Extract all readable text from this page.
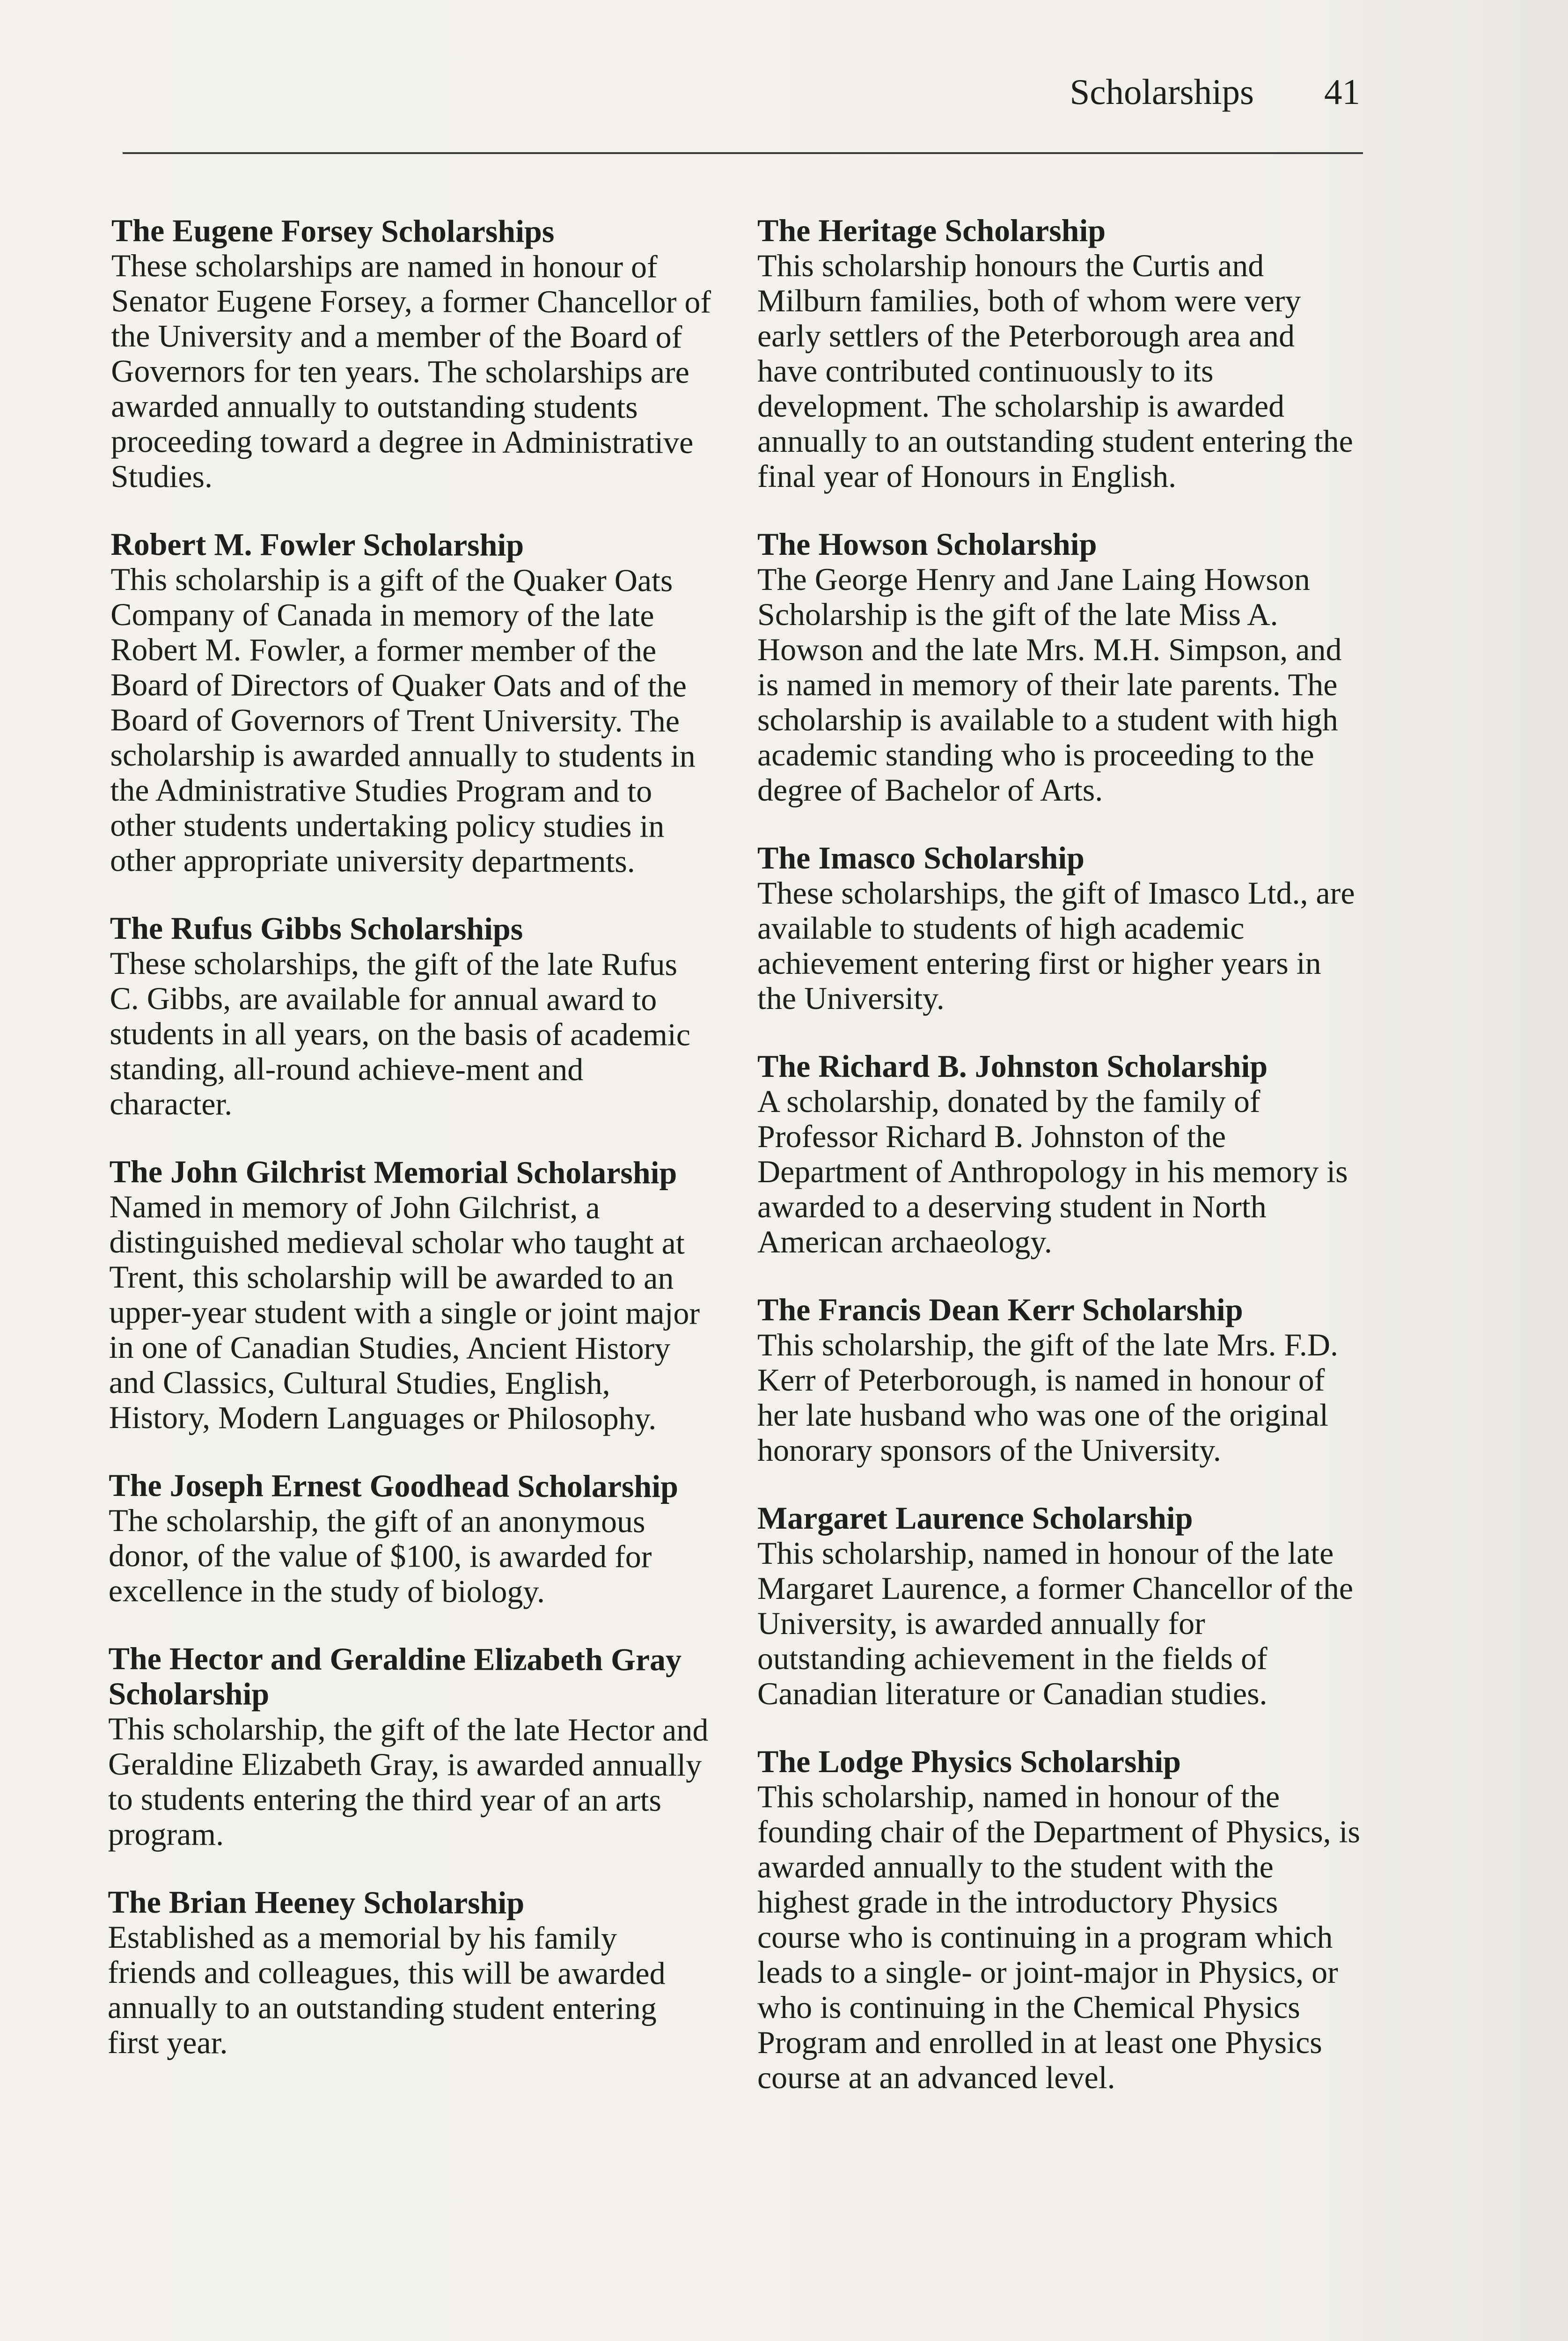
Scholarships 41
The Eugene Forsey Scholarships

These scholarships are named in honour of Senator Eugene Forsey, a former Chancellor of the University and a member of the Board of Governors for ten years. The scholarships are awarded annually to outstanding students proceeding toward a degree in Administrative Studies.

Robert M. Fowler Scholarship

This scholarship is a gift of the Quaker Oats Company of Canada in memory of the late Robert M. Fowler, a former member of the Board of Directors of Quaker Oats and of the Board of Governors of Trent University. The scholarship is awarded annually to students in the Administrative Studies Program and to other students undertaking policy studies in other appropriate university departments.

The Rufus Gibbs Scholarships

These scholarships, the gift of the late Rufus C. Gibbs, are available for annual award to students in all years, on the basis of academic standing, all-round achieve-ment and character.

The John Gilchrist Memorial Scholarship

Named in memory of John Gilchrist, a distinguished medieval scholar who taught at Trent, this scholarship will be awarded to an upper-year student with a single or joint major in one of Canadian Studies, Ancient History and Classics, Cultural Studies, English, History, Modern Languages or Philosophy.

The Joseph Ernest Goodhead Scholarship

The scholarship, the gift of an anonymous donor, of the value of $100, is awarded for excellence in the study of biology.

The Hector and Geraldine Elizabeth Gray Scholarship

This scholarship, the gift of the late Hector and Geraldine Elizabeth Gray, is awarded annually to students entering the third year of an arts program.

The Brian Heeney Scholarship

Established as a memorial by his family friends and colleagues, this will be awarded annually to an outstanding student entering first year.

The Heritage Scholarship

This scholarship honours the Curtis and Milburn families, both of whom were very early settlers of the Peterborough area and have contributed continuously to its development. The scholarship is awarded annually to an outstanding student entering the final year of Honours in English.

The Howson Scholarship

The George Henry and Jane Laing Howson Scholarship is the gift of the late Miss A. Howson and the late Mrs. M.H. Simpson, and is named in memory of their late parents. The scholarship is available to a student with high academic standing who is proceeding to the degree of Bachelor of Arts.

The Imasco Scholarship

These scholarships, the gift of Imasco Ltd., are available to students of high academic achievement entering first or higher years in the University.

The Richard B. Johnston Scholarship

A scholarship, donated by the family of Professor Richard B. Johnston of the Department of Anthropology in his memory is awarded to a deserving student in North American archaeology.

The Francis Dean Kerr Scholarship

This scholarship, the gift of the late Mrs. F.D. Kerr of Peterborough, is named in honour of her late husband who was one of the original honorary sponsors of the University.

Margaret Laurence Scholarship

This scholarship, named in honour of the late Margaret Laurence, a former Chancellor of the University, is awarded annually for outstanding achievement in the fields of Canadian literature or Canadian studies.

The Lodge Physics Scholarship

This scholarship, named in honour of the founding chair of the Department of Physics, is awarded annually to the student with the highest grade in the introductory Physics course who is continuing in a program which leads to a single- or joint-major in Physics, or who is continuing in the Chemical Physics Program and enrolled in at least one Physics course at an advanced level.
